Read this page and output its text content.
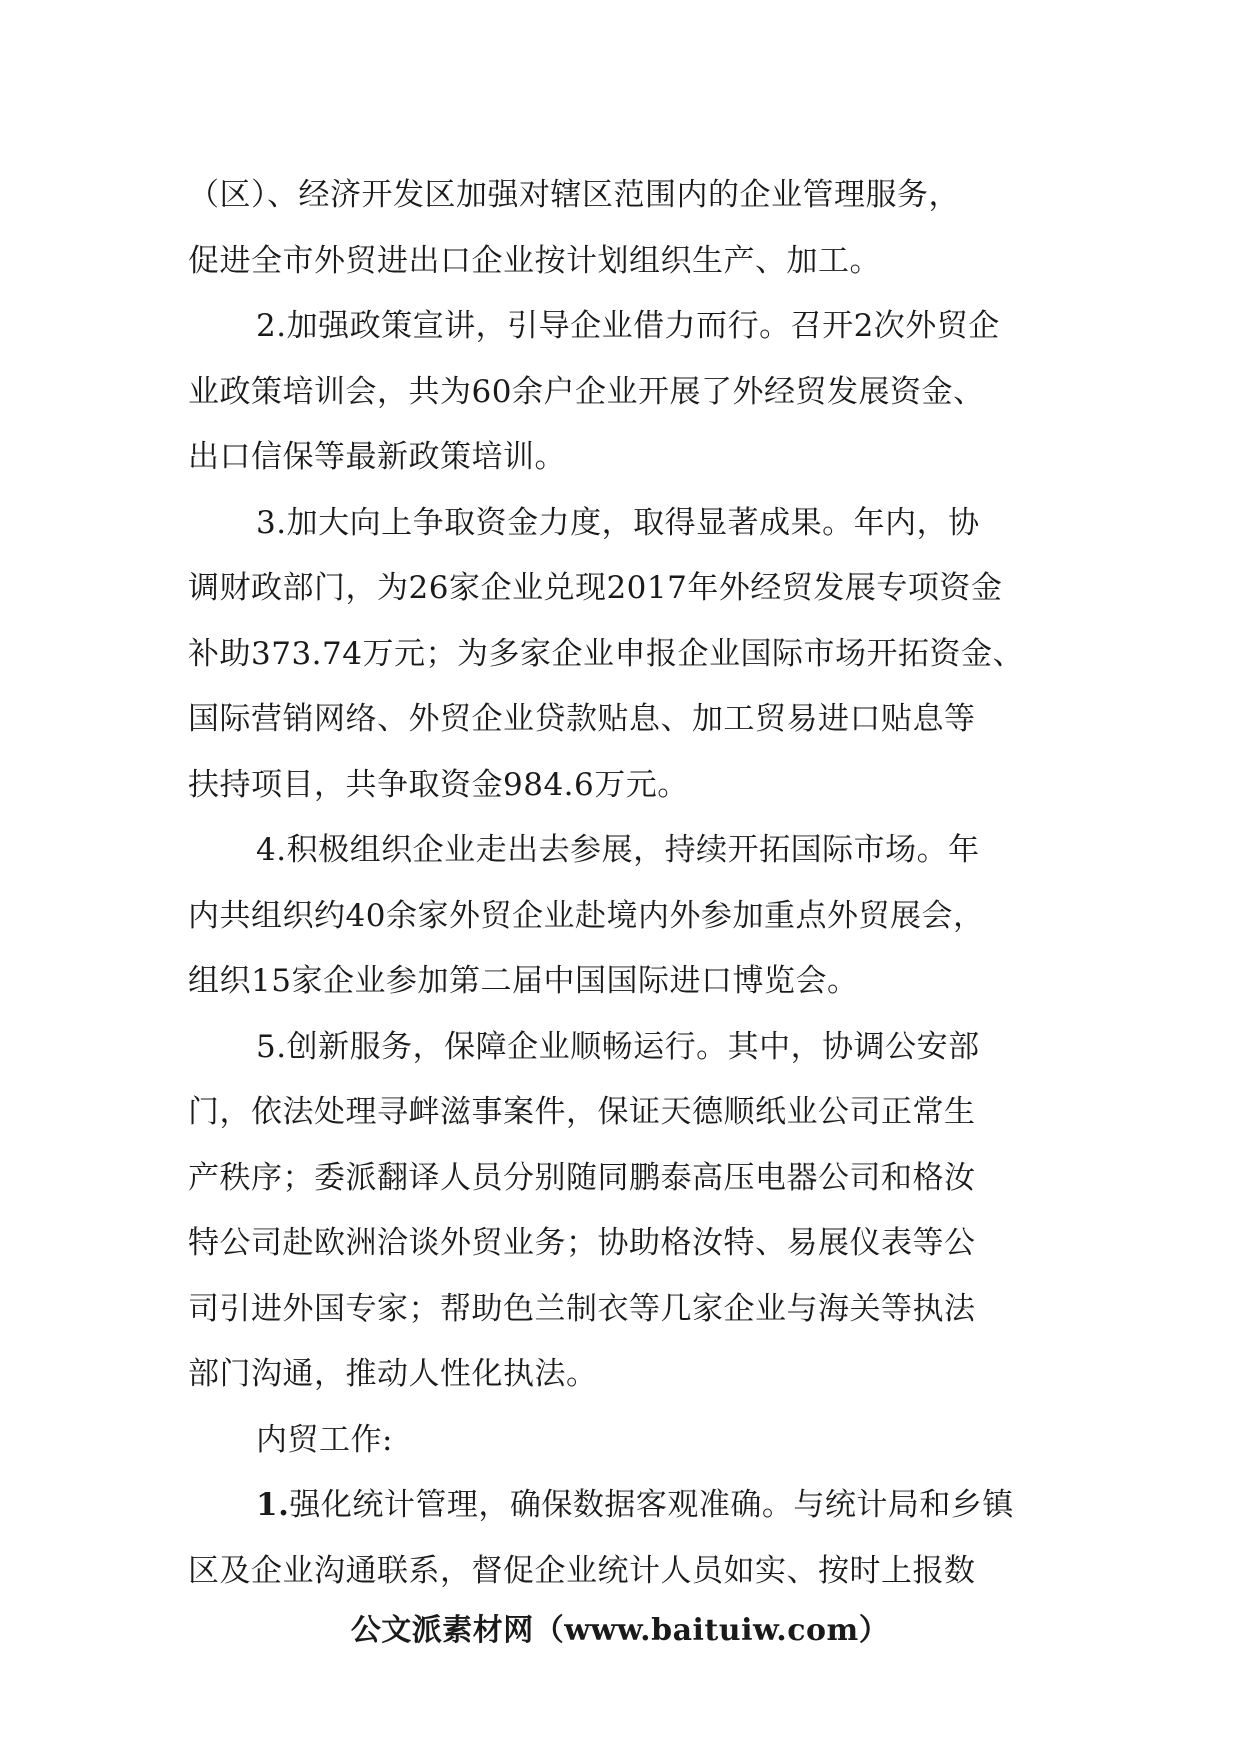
（区）、经济开发区加强对辖区范围内的企业管理服务，
促进全市外贸进出口企业按计划组织生产、加工。
2.加强政策宣讲，引导企业借力而行。召开2次外贸企
业政策培训会，共为60余户企业开展了外经贸发展资金、
出口信保等最新政策培训。
3.加大向上争取资金力度，取得显著成果。年内，协
调财政部门，为26家企业兑现2017年外经贸发展专项资金
补助373.74万元；为多家企业申报企业国际市场开拓资金、
国际营销网络、外贸企业贷款贴息、加工贸易进口贴息等
扶持项目，共争取资金984.6万元。
4.积极组织企业走出去参展，持续开拓国际市场。年
内共组织约40余家外贸企业赴境内外参加重点外贸展会，
组织15家企业参加第二届中国国际进口博览会。
5.创新服务，保障企业顺畅运行。其中，协调公安部
门，依法处理寻衅滋事案件，保证天德顺纸业公司正常生
产秩序；委派翻译人员分别随同鹏泰高压电器公司和格汝
特公司赴欧洲洽谈外贸业务；协助格汝特、易展仪表等公
司引进外国专家；帮助色兰制衣等几家企业与海关等执法
部门沟通，推动人性化执法。
内贸工作:
1.强化统计管理，确保数据客观准确。与统计局和乡镇
区及企业沟通联系，督促企业统计人员如实、按时上报数
公文派素材网（www.baituiw.com）
